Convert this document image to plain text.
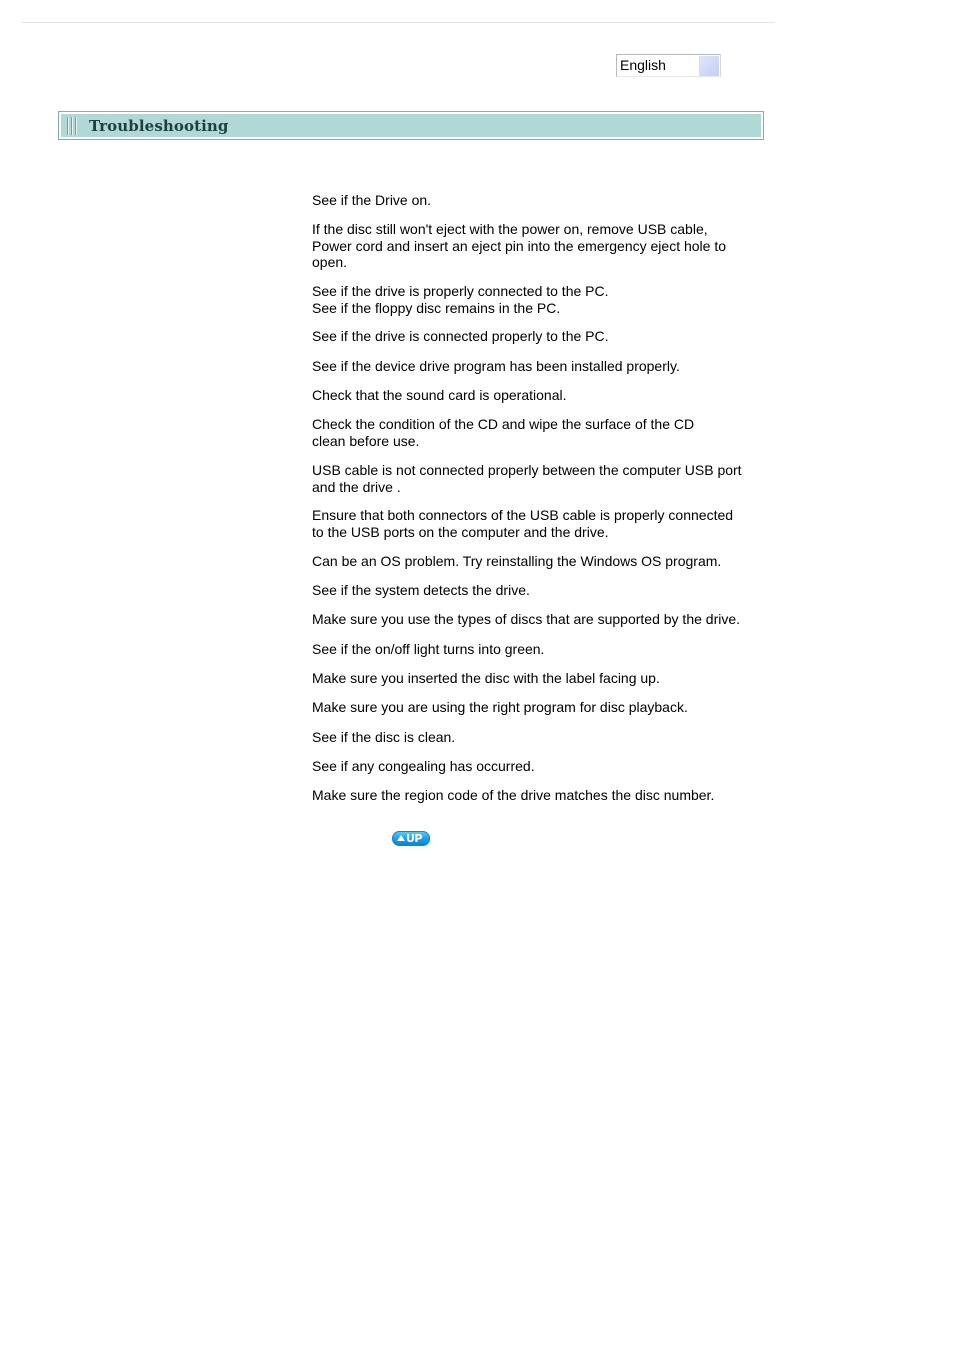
English
Troubleshooting

See if the Drive on.

If the disc still won't eject with the power on, remove USB cable,
Power cord and insert an eject pin into the emergency eject hole to
open.

See if the drive is properly connected to the PC.
See if the floppy disc remains in the PC.

See if the drive is connected properly to the PC.

See if the device drive program has been installed properly.

Check that the sound card is operational.

Check the condition of the CD and wipe the surface of the CD
clean before use.

USB cable is not connected properly between the computer USB port
and the drive .

Ensure that both connectors of the USB cable is properly connected
to the USB ports on the computer and the drive.

Can be an OS problem. Try reinstalling the Windows OS program.

See if the system detects the drive.

Make sure you use the types of discs that are supported by the drive.

See if the on/off light turns into green.

Make sure you inserted the disc with the label facing up.

Make sure you are using the right program for disc playback.

See if the disc is clean.

See if any congealing has occurred.

Make sure the region code of the drive matches the disc number.

UP
